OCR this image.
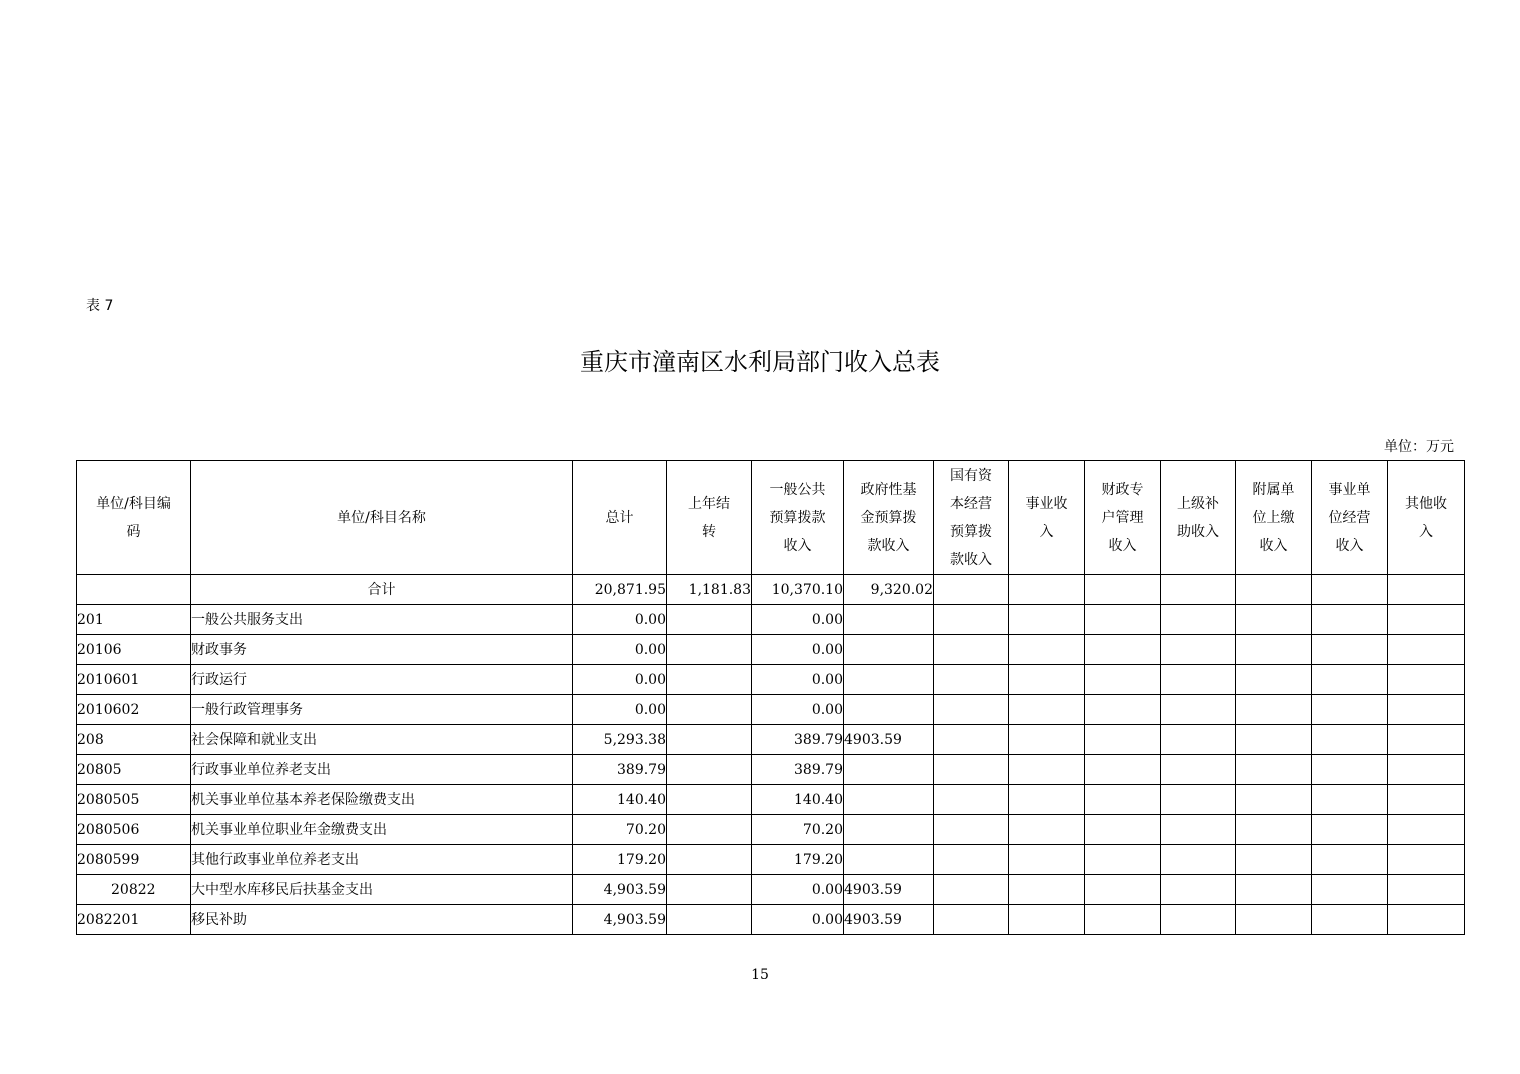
表 7
重庆市潼南区水利局部门收入总表
单位：万元
单位/科目编码	单位/科目名称	总计	上年结转	一般公共预算拨款收入	政府性基金预算拨款收入	国有资本经营预算拨款收入	事业收入	财政专户管理收入	上级补助收入	附属单位上缴收入	事业单位经营收入	其他收入
	合计	20,871.95	1,181.83	10,370.10	9,320.02							
201	一般公共服务支出	0.00		0.00								
20106	财政事务	0.00		0.00								
2010601	行政运行	0.00		0.00								
2010602	一般行政管理事务	0.00		0.00								
208	社会保障和就业支出	5,293.38		389.79	4903.59							
20805	行政事业单位养老支出	389.79		389.79								
2080505	机关事业单位基本养老保险缴费支出	140.40		140.40								
2080506	机关事业单位职业年金缴费支出	70.20		70.20								
2080599	其他行政事业单位养老支出	179.20		179.20								
20822	大中型水库移民后扶基金支出	4,903.59		0.00	4903.59							
2082201	移民补助	4,903.59		0.00	4903.59							
15
